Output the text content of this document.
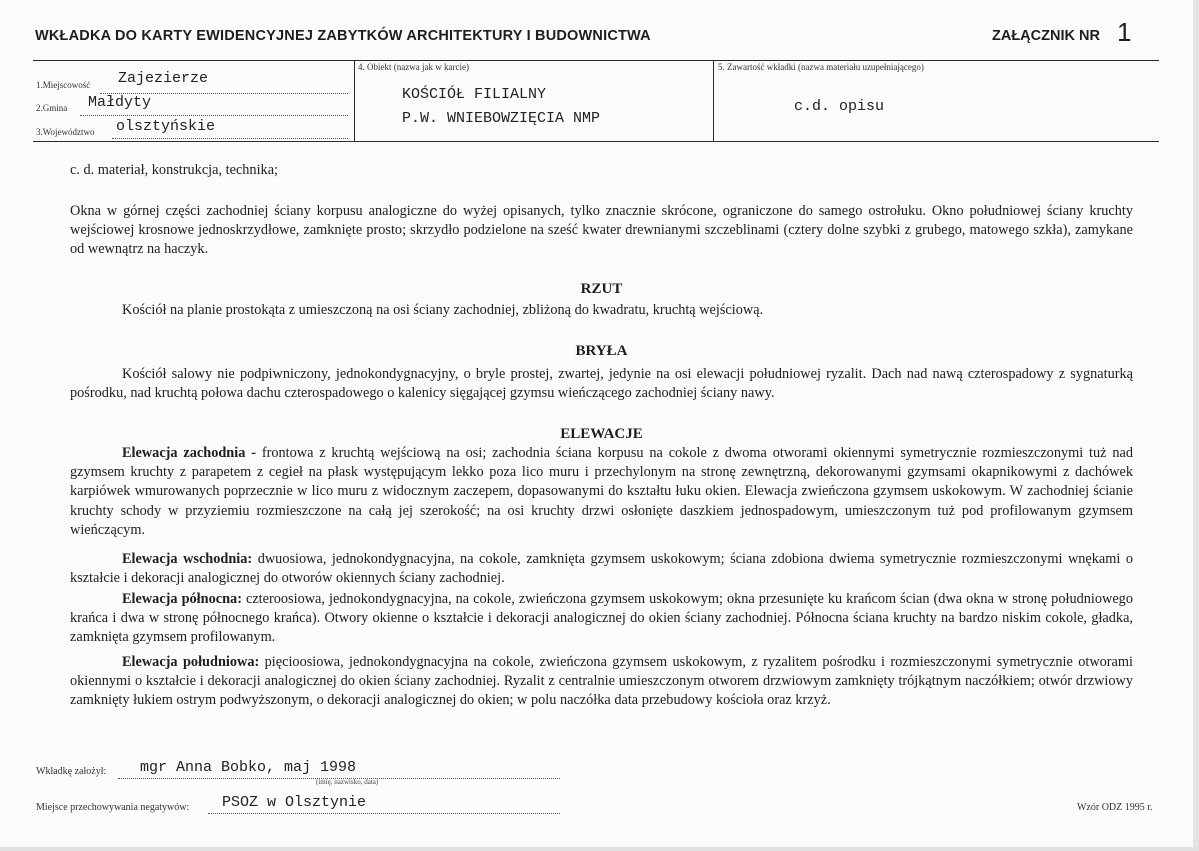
WKŁADKA DO KARTY EWIDENCYJNEJ ZABYTKÓW ARCHITEKTURY I BUDOWNICTWA	ZAŁĄCZNIK NR 1
1.Miejscowość Zajezierze
2.Gmina Małdyty
3.Województwo olsztyńskie
4. Obiekt (nazwa jak w karcie)
KOŚCIÓŁ FILIALNY
P.W. WNIEBOWZIĘCIA NMP
5. Zawartość wkładki (nazwa materiału uzupełniającego)
c.d. opisu
c. d. materiał, konstrukcja, technika;
Okna w górnej części zachodniej ściany korpusu analogiczne do wyżej opisanych, tylko znacznie skrócone, ograniczone do samego ostrołuku. Okno południowej ściany kruchty wejściowej krosnowe jednoskrzydłowe, zamknięte prosto; skrzydło podzielone na sześć kwater drewnianymi szczeblinami (cztery dolne szybki z grubego, matowego szkła), zamykane od wewnątrz na haczyk.
RZUT
Kościół na planie prostokąta z umieszczoną na osi ściany zachodniej, zbliżoną do kwadratu, kruchtą wejściową.
BRYŁA
Kościół salowy nie podpiwniczony, jednokondygnacyjny, o bryle prostej, zwartej, jedynie na osi elewacji południowej ryzalit. Dach nad nawą czterospadowy z sygnaturką pośrodku, nad kruchtą połowa dachu czterospadowego o kalenicy sięgającej gzymsu wieńczącego zachodniej ściany nawy.
ELEWACJE
Elewacja zachodnia - frontowa z kruchtą wejściową na osi; zachodnia ściana korpusu na cokole z dwoma otworami okiennymi symetrycznie rozmieszczonymi tuż nad gzymsem kruchty z parapetem z cegieł na płask występującym lekko poza lico muru i przechylonym na stronę zewnętrzną, dekorowanymi gzymsami okapnikowymi z dachówek karpiówek wmurowanych poprzecznie w lico muru z widocznym zaczepem, dopasowanymi do kształtu łuku okien. Elewacja zwieńczona gzymsem uskokowym. W zachodniej ścianie kruchty schody w przyziemiu rozmieszczone na całą jej szerokość; na osi kruchty drzwi osłonięte daszkiem jednospadowym, umieszczonym tuż pod profilowanym gzymsem wieńczącym.
Elewacja wschodnia: dwuosiowa, jednokondygnacyjna, na cokole, zamknięta gzymsem uskokowym; ściana zdobiona dwiema symetrycznie rozmieszczonymi wnękami o kształcie i dekoracji analogicznej do otworów okiennych ściany zachodniej.
Elewacja północna: czteroosiowa, jednokondygnacyjna, na cokole, zwieńczona gzymsem uskokowym; okna przesunięte ku krańcom ścian (dwa okna w stronę południowego krańca i dwa w stronę północnego krańca). Otwory okienne o kształcie i dekoracji analogicznej do okien ściany zachodniej. Północna ściana kruchty na bardzo niskim cokole, gładka, zamknięta gzymsem profilowanym.
Elewacja południowa: pięcioosiowa, jednokondygnacyjna na cokole, zwieńczona gzymsem uskokowym, z ryzalitem pośrodku i rozmieszczonymi symetrycznie otworami okiennymi o kształcie i dekoracji analogicznej do okien ściany zachodniej. Ryzalit z centralnie umieszczonym otworem drzwiowym zamknięty trójkątnym naczółkiem; otwór drzwiowy zamknięty łukiem ostrym podwyższonym, o dekoracji analogicznej do okien; w polu naczółka data przebudowy kościoła oraz krzyż.
Wkładkę założył: mgr Anna Bobko, maj 1998
(imię, nazwisko, data)
Miejsce przechowywania negatywów: PSOZ w Olsztynie	Wzór ODZ 1995 r.
